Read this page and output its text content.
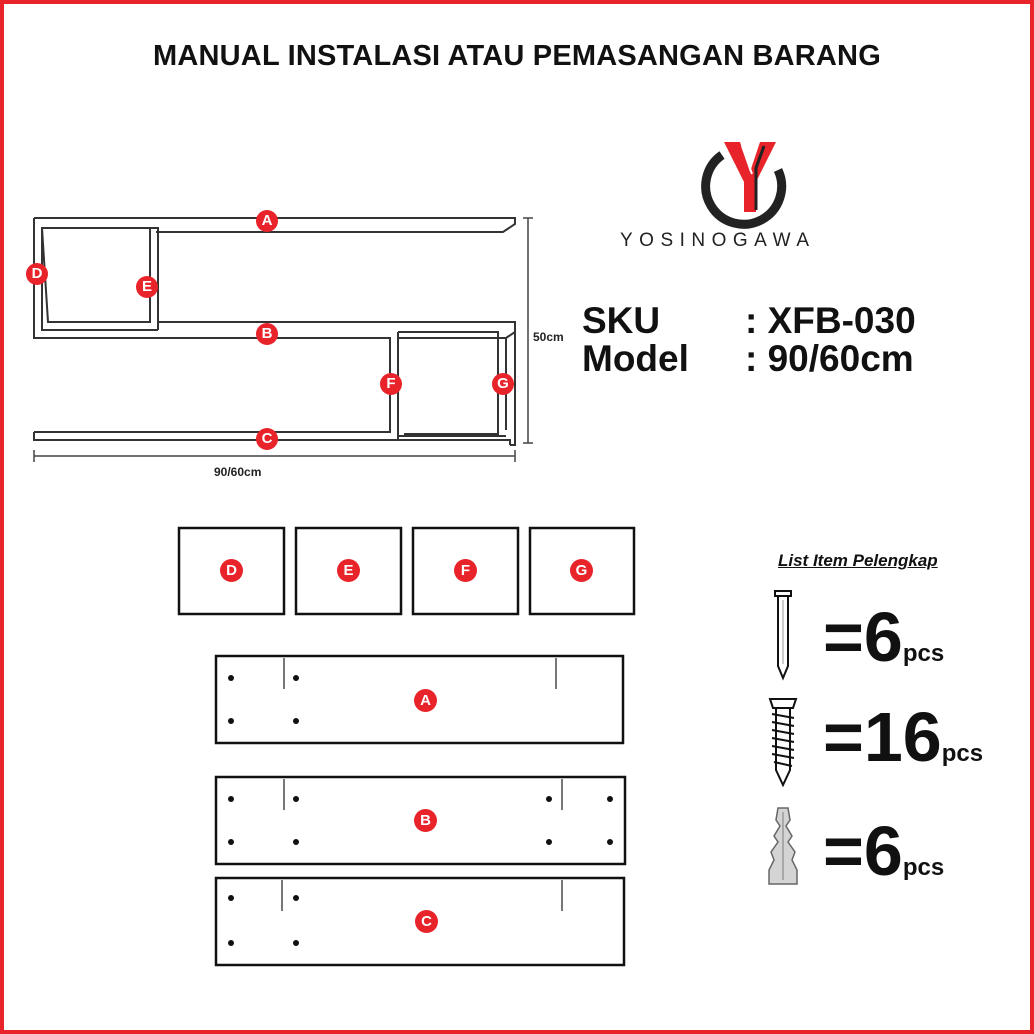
MANUAL INSTALASI ATAU PEMASANGAN BARANG
YOSINOGAWA
SKU : XFB-030
Model : 90/60cm
50cm
90/60cm
A
B
C
D
E
F	G
D	E	F	G
A
B
C
List Item Pelengkap
=6pcs
=16pcs
=6pcs
